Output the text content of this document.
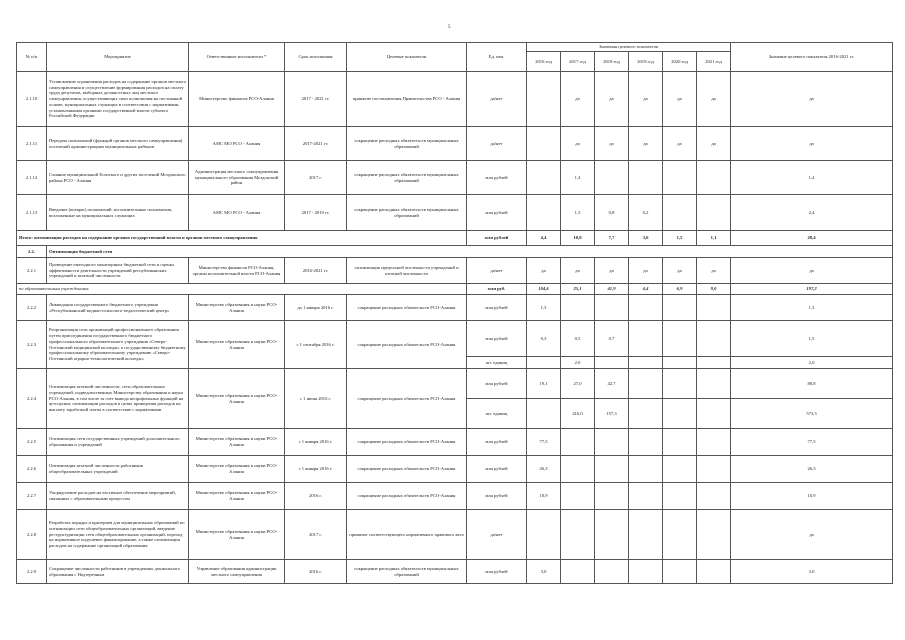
5
№ п/п	Мероприятие	Ответственные исполнители *	Срок исполнения	Целевые показатели	Ед. изм.	Значения целевого показателя						Значение целевого показателя 2016-2021 гг.
						2016 год	2017 год	2018 год	2019 год	2020 год	2021 год	
2.1.10	Установление ограничения расходов на содержание органов местного самоуправления и осуществление формирования расходов на оплату труда депутатов, выборных должностных лиц местного самоуправления, осуществляющих свои полномочия на постоянной основе, муниципальных служащих в соответствии с нормативами, установленными органами государственной власти субъекта Российской Федерации	Министерство финансов РСО-Алания	2017 - 2021 гг.	принятие постановления Правительства РСО - Алания	да/нет		да	да	да	да	да	да
2.1.11	Передача полномочий (функций органов местного самоуправления) поселений администрациям муниципальных районов	АМС МО РСО - Алания	2017-2021 гг.	сокращение расходных обязательств муниципальных образований	да/нет		да	да	да	да	да	да
2.1.12	Слияние муниципальной Есенского и других поселений Моздокского района РСО - Алания	Администрация местного самоуправления муниципального образования Моздокский район	2017 г.	сокращение расходных обязательств муниципальных образований	млн рублей		1,4					1,4
2.1.13	Введение (возврат) полномочий, исполнительные полномочия, возложенные на муниципальных служащих	АМС МО РСО - Алания	2017 - 2019 гг.	сокращение расходных обязательств муниципальных образований	млн рублей		1,5	0,8	0,2			2,4
Итого: оптимизация расходов на содержание органов государственной власти и органов местного самоуправления					млн рублей	4,4	10,0	7,7	3,6	1,5	1,1	28,4
2.2.	Оптимизация бюджетной сети											
2.2.1	Проведение ежегодного мониторинга бюджетной сети и оценка эффективности деятельности учреждений республиканских учреждений и штатной численности	Министерство финансов РСО-Алания, органы исполнительной власти РСО-Алания	2016-2021 гг.	оптимизация предельной численности учреждений и штатной численности	да/нет	да	да	да	да	да	да	да
по образовательным учреждениям:					млн руб.	104,6	25,1	41,9	4,4	6,9	9,0	197,2
2.2.2	Ликвидация государственного бюджетного учреждения «Республиканский медико-психолого-педагогический центр»	Министерство образования и науки РСО-Алания	до 1 января 2016 г.	сокращение расходных обязательств РСО-Алания	млн рублей	1,3						1,3
2.2.3	Реорганизация сети организаций профессионального образования путем присоединения государственного бюджетного профессионального образовательного учреждения «Северо-Осетинский медицинский колледж» к государственному бюджетному профессиональному образовательному учреждению «Северо-Осетинский аграрно-технологический колледж»	Министерство образования и науки РСО-Алания	с 1 сентября 2016 г.	сокращение расходных обязательств РСО-Алания	млн рублей	0,3	0,5	0,7				1,5
					шт. единиц		2,0					2,0
2.2.4	Оптимизация штатной численности, сети образовательных учреждений, подведомственных Министерству образования и науки РСО-Алания, в том числе за счет вывода непрофильных функций на аутсорсинг, оптимизации расходов в целях приведения расходов на выплату заработной платы в соответствие с нормативами	Министерство образования и науки РСО-Алания	с 1 июня 2016 г.	сокращение расходных обязательств РСО-Алания	млн рублей	19,1	27,0	42,7				88,8
					шт. единиц		416,0	157,3				573,3
2.2.5	Оптимизация сети государственных учреждений дополнительного образования и учреждений	Министерство образования и науки РСО-Алания	с 1 января 2016 г.	сокращение расходных обязательств РСО-Алания	млн рублей	77,5						77,5
2.2.6	Оптимизация штатной численности работников общеобразовательных учреждений	Министерство образования и науки РСО-Алания	с 1 января 2016 г.	сокращение расходных обязательств РСО-Алания	млн рублей	26,3						26,3
2.2.7	Упорядочение расходов на частичное обеспечение мероприятий, связанных с образовательным процессом	Министерство образования и науки РСО-Алания	2016 г.	сокращение расходных обязательств РСО-Алания	млн рублей	10,9						10,9
2.2.8	Разработка порядка и критериев для муниципальных образований по оптимизации сети общеобразовательных организаций, введение реструктуризации сети общеобразовательных организаций, переход на нормативное подушевое финансирование, а также оптимизация расходов на содержание организаций образования	Министерство образования и науки РСО-Алания	2017 г.	принятие соответствующего нормативного правового акта	да/нет							да
2.2.9	Сокращение численности работников в учреждениях дошкольного образования с Надтеречным	Управление образования администрации местного самоуправления	2016 г.	сокращение расходных обязательств муниципальных образований	млн рублей	3,0						3,0
